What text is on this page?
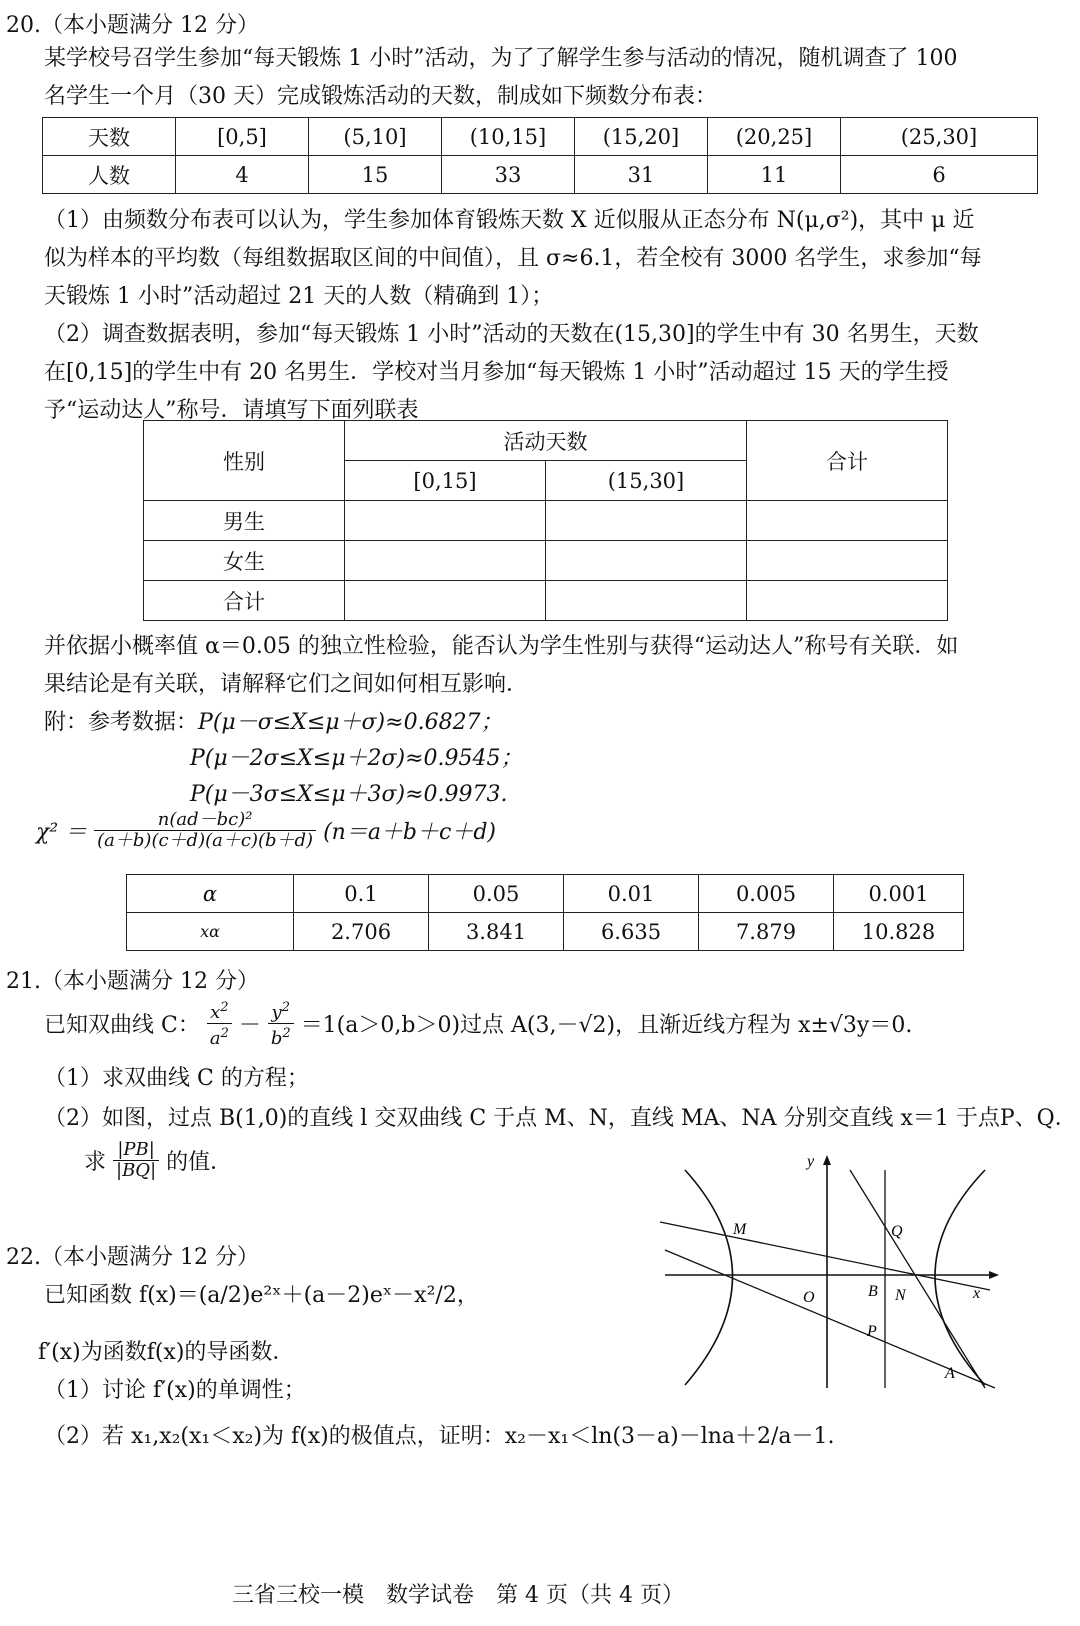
20.（本小题满分 12 分）
某学校号召学生参加“每天锻炼 1 小时”活动，为了了解学生参与活动的情况，随机调查了 100
名学生一个月（30 天）完成锻炼活动的天数，制成如下频数分布表：
天数	[0,5]	(5,10]	(10,15]	(15,20]	(20,25]	(25,30]
人数	4	15	33	31	11	6
（1）由频数分布表可以认为，学生参加体育锻炼天数 X 近似服从正态分布 N(μ,σ²)，其中 μ 近
似为样本的平均数（每组数据取区间的中间值），且 σ≈6.1，若全校有 3000 名学生，求参加“每
天锻炼 1 小时”活动超过 21 天的人数（精确到 1）；
（2）调查数据表明，参加“每天锻炼 1 小时”活动的天数在(15,30]的学生中有 30 名男生，天数
在[0,15]的学生中有 20 名男生．学校对当月参加“每天锻炼 1 小时”活动超过 15 天的学生授
予“运动达人”称号．请填写下面列联表
性别	活动天数		合计
	[0,15]	(15,30]	
男生			
女生			
合计			
并依据小概率值 α＝0.05 的独立性检验，能否认为学生性别与获得“运动达人”称号有关联．如
果结论是有关联，请解释它们之间如何相互影响．
附：参考数据：P(μ－σ≤X≤μ＋σ)≈0.6827；
P(μ－2σ≤X≤μ＋2σ)≈0.9545；
P(μ－3σ≤X≤μ＋3σ)≈0.9973.
$\chi^2 = \frac{\text{n(ad－bc)²}}{(a+b)(c+d)(a+c)(b+d)} (n=a+b+c+d)$
α	0.1	0.05	0.01	0.005	0.001
xα	2.706	3.841	6.635	7.879	10.828
21.（本小题满分 12 分）
已知双曲线 C： $\frac{x^2}{a^2} - \frac{y^2}{b^2} =1(a>0,b>0)$过点 A(3,－√2)，且渐近线方程为 x±√3y＝0.
（1）求双曲线 C 的方程；
（2）如图，过点 B(1,0)的直线 l 交双曲线 C 于点 M、N，直线 MA、NA 分别交直线 x＝1 于点P、Q．
求 $\frac{|PB|}{|BQ|}$ 的值．	y
x
M	Q
O	B N
P
A
22.（本小题满分 12 分）
已知函数 f(x)＝(a/2)e²ˣ＋(a－2)eˣ－x²/2，
f′(x)为函数f(x)的导函数．
（1）讨论 f′(x)的单调性；
（2）若 x₁,x₂(x₁＜x₂)为 f(x)的极值点，证明：x₂－x₁＜ln(3－a)－lna＋2/a－1.
三省三校一模　数学试卷　第 4 页（共 4 页）
